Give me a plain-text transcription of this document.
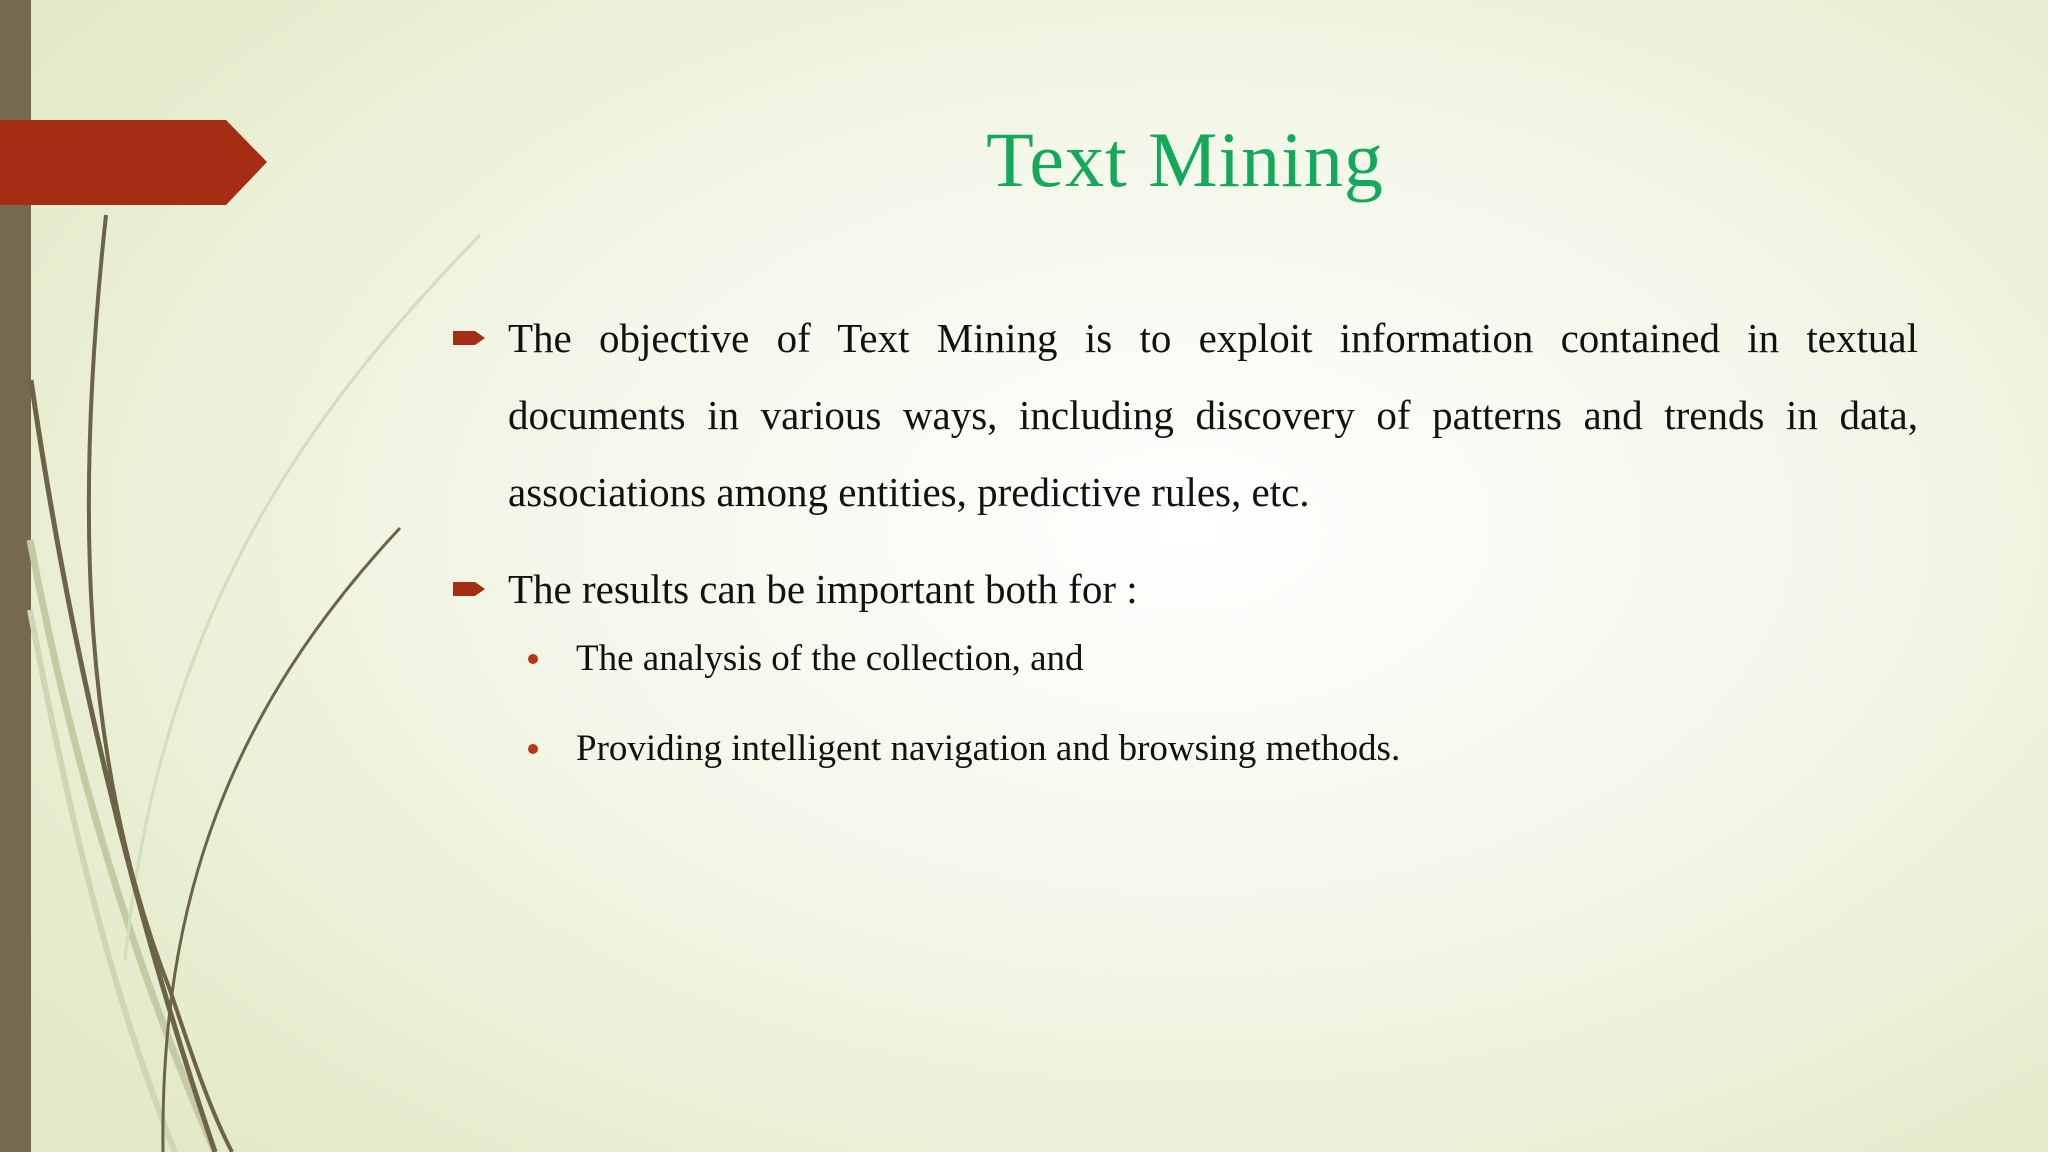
Text Mining
The objective of Text Mining is to exploit information contained in textual documents in various ways, including discovery of patterns and trends in data, associations among entities, predictive rules, etc.
The results can be important both for :
The analysis of the collection, and
Providing intelligent navigation and browsing methods.
